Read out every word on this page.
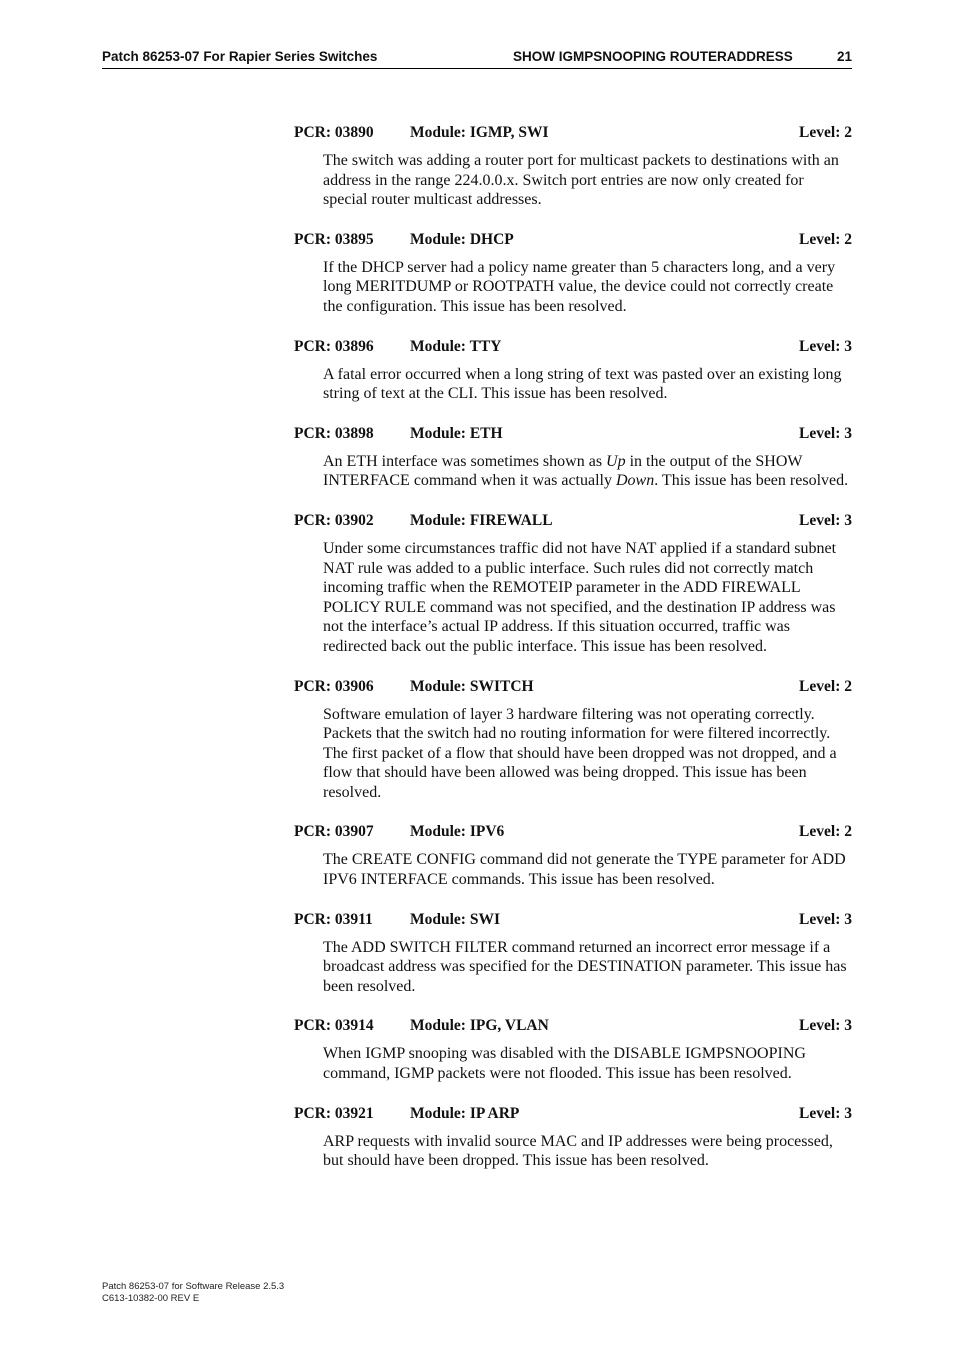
Patch 86253-07 For Rapier Series Switches	SHOW IGMPSNOOPING ROUTERADDRESS	21
PCR: 03890 Module: IGMP, SWI	Level: 2
The switch was adding a router port for multicast packets to destinations with an address in the range 224.0.0.x. Switch port entries are now only created for special router multicast addresses.
PCR: 03895 Module: DHCP	Level: 2
If the DHCP server had a policy name greater than 5 characters long, and a very long MERITDUMP or ROOTPATH value, the device could not correctly create the configuration. This issue has been resolved.
PCR: 03896 Module: TTY	Level: 3
A fatal error occurred when a long string of text was pasted over an existing long string of text at the CLI. This issue has been resolved.
PCR: 03898 Module: ETH	Level: 3
An ETH interface was sometimes shown as Up in the output of the SHOW INTERFACE command when it was actually Down. This issue has been resolved.
PCR: 03902 Module: FIREWALL	Level: 3
Under some circumstances traffic did not have NAT applied if a standard subnet NAT rule was added to a public interface. Such rules did not correctly match incoming traffic when the REMOTEIP parameter in the ADD FIREWALL POLICY RULE command was not specified, and the destination IP address was not the interface’s actual IP address. If this situation occurred, traffic was redirected back out the public interface. This issue has been resolved.
PCR: 03906 Module: SWITCH	Level: 2
Software emulation of layer 3 hardware filtering was not operating correctly. Packets that the switch had no routing information for were filtered incorrectly. The first packet of a flow that should have been dropped was not dropped, and a flow that should have been allowed was being dropped. This issue has been resolved.
PCR: 03907 Module: IPV6	Level: 2
The CREATE CONFIG command did not generate the TYPE parameter for ADD IPV6 INTERFACE commands. This issue has been resolved.
PCR: 03911 Module: SWI	Level: 3
The ADD SWITCH FILTER command returned an incorrect error message if a broadcast address was specified for the DESTINATION parameter. This issue has been resolved.
PCR: 03914 Module: IPG, VLAN	Level: 3
When IGMP snooping was disabled with the DISABLE IGMPSNOOPING command, IGMP packets were not flooded. This issue has been resolved.
PCR: 03921 Module: IP ARP	Level: 3
ARP requests with invalid source MAC and IP addresses were being processed, but should have been dropped. This issue has been resolved.
Patch 86253-07 for Software Release 2.5.3
C613-10382-00 REV E
